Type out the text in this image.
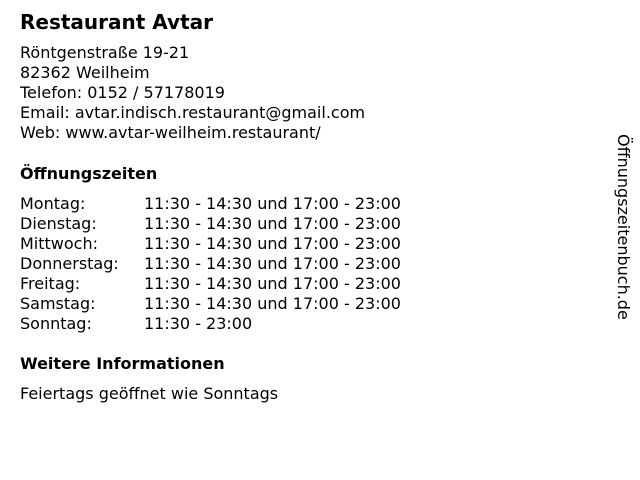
Restaurant Avtar
Röntgenstraße 19-21
82362 Weilheim
Telefon: 0152 / 57178019
Email: avtar.indisch.restaurant@gmail.com
Web: www.avtar-weilheim.restaurant/
Öffnungszeiten
Montag:	11:30 - 14:30 und 17:00 - 23:00
Dienstag:	11:30 - 14:30 und 17:00 - 23:00
Mittwoch:	11:30 - 14:30 und 17:00 - 23:00
Donnerstag:	11:30 - 14:30 und 17:00 - 23:00
Freitag:	11:30 - 14:30 und 17:00 - 23:00
Samstag:	11:30 - 14:30 und 17:00 - 23:00
Sonntag:	11:30 - 23:00
Weitere Informationen
Feiertags geöffnet wie Sonntags
Öffnungszeitenbuch.de
